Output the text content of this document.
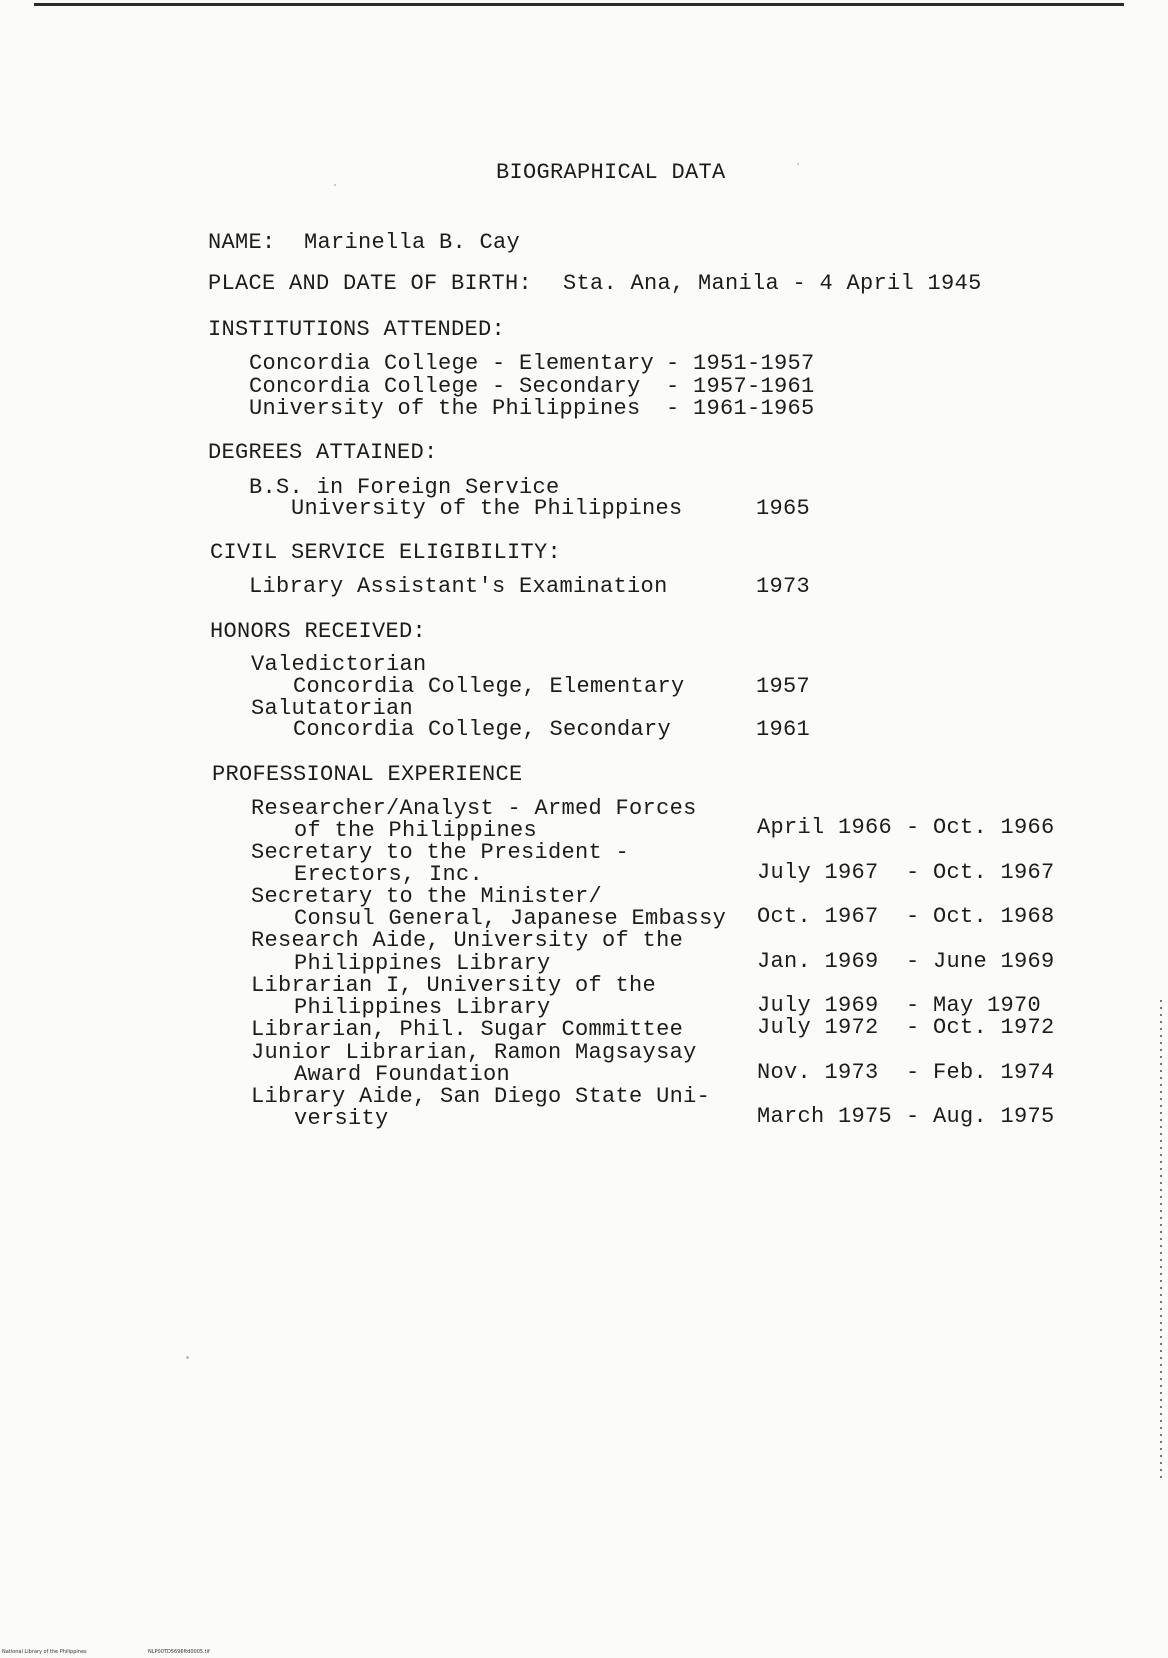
BIOGRAPHICAL DATA
NAME: Marinella B. Cay
PLACE AND DATE OF BIRTH: Sta. Ana, Manila - 4 April 1945
INSTITUTIONS ATTENDED:
Concordia College - Elementary - 1951-1957
Concordia College - Secondary - 1957-1961
University of the Philippines - 1961-1965
DEGREES ATTAINED:
B.S. in Foreign Service
University of the Philippines	1965
CIVIL SERVICE ELIGIBILITY:
Library Assistant's Examination	1973
HONORS RECEIVED:
Valedictorian
Concordia College, Elementary	1957
Salutatorian
Concordia College, Secondary	1961
PROFESSIONAL EXPERIENCE
Researcher/Analyst - Armed Forces
of the Philippines	April 1966 - Oct. 1966
Secretary to the President -
Erectors, Inc.	July 1967 - Oct. 1967
Secretary to the Minister/
Consul General, Japanese Embassy Oct. 1967 - Oct. 1968
Research Aide, University of the
Philippines Library	Jan. 1969 - June 1969
Librarian I, University of the
Philippines Library	July 1969 - May 1970
Librarian, Phil. Sugar Committee	July 1972 - Oct. 1972
Junior Librarian, Ramon Magsaysay
Award Foundation	Nov. 1973 - Feb. 1974
Library Aide, San Diego State Uni-
versity	March 1975 - Aug. 1975
National Library of the Philippines	NLP00TD5696ftd0005.tif
